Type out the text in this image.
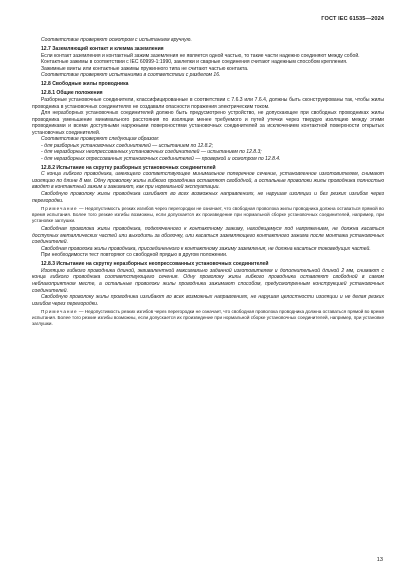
ГОСТ IEC 61535—2024

Соответствие проверяют осмотром с испытанием вручную.

12.7 Заземляющий контакт и клемма заземления

Если контакт заземления и контактный зажим заземления не является одной частью, то такие части надежно соединяют между собой.

Контактные зажимы в соответствии с IEC 60999-1:1990, заклепки и сварные соединения считают надежным способом крепления.

Зажимные винты или контактные зажимы пружинного типа не считают частью контакта.

Соответствие проверяют испытаниями в соответствии с разделом 16.

12.8 Свободные жилы проводника

12.8.1 Общие положения

Разборные установочные соединители, классифицированные в соответствии с 7.6.3 или 7.6.4, должны быть сконструированы так, чтобы жилы проводника в установочных соединителях не создавали опасности поражения электрическим током.

Для неразборных установочных соединителей должно быть предусмотрено устройство, не допускающее при свободных проводниках жилы проводника уменьшение минимального расстояния по изоляции менее требуемого и путей утечки через твердую изоляцию между этими проводниками и всеми доступными наружными поверхностями установочных соединителей за исключением контактной поверхности открытых установочных соединителей.

Соответствие проверяют следующим образом:

- для разборных установочных соединителей — испытанием по 12.8.2;

- для неразборных неопрессованных установочных соединителей — испытанием по 12.8.3;

- для неразборных опрессованных установочных соединителей — проверкой и осмотром по 12.8.4.

12.8.2 Испытание на скрутку разборных установочных соединителей

С конца гибкого проводника, имеющего соответствующее минимальное поперечное сечение, установленное изготовителем, снимают изоляцию по длине 8 мм. Одну проволоку жилы гибкого проводника оставляют свободной, а остальные проволоки жилы проводника полностью вводят в контактный зажим и зажимают, как при нормальной эксплуатации.

Свободную проволоку жилы проводника изгибают во всех возможных направлениях, не нарушая изоляции и без резких изгибов через перегородки.

Примечание — Недопустимость резких изгибов через перегородки не означает, что свободная проволока жилы проводника должна оставаться прямой во время испытания. Более того резкие изгибы возможны, если допускается их произведение при нормальной сборке установочных соединителей, например, при установке заглушки.

Свободная проволока жилы проводника, подключенного к контактному зажиму, находящемуся под напряжением, не должна касаться доступных металлических частей или выходить за оболочку, или касаться заземляющего контактного зажима после монтажа установочных соединителей.

Свободная проволока жилы проводника, присоединенного к контактному зажиму заземления, не должна касаться токоведущих частей.

При необходимости тест повторяют со свободной прядью в другом положении.

12.8.3 Испытание на скрутку неразборных неопрессованных установочных соединителей

Изоляцию гибкого проводника длиной, эквивалентной максимально заданной изготовителем и дополнительной длиной 2 мм, снимают с конца гибкого проводника соответствующего сечения. Одну проволоку жилы гибкого проводника оставляют свободной в самом неблагоприятном месте, а остальные проволоки жилы проводника зажимают способом, предусмотренным конструкцией установочных соединителей.

Свободную проволоку жилы проводника изгибают во всех возможных направлениях, не нарушая целостности изоляции и не делая резких изгибов через перегородки.

Примечание — Недопустимость резких изгибов через перегородки не означает, что свободная проволока проводника должна оставаться прямой во время испытания. Более того резкие изгибы возможны, если допускается их произведение при нормальной сборке установочных соединителей, например, при установке заглушки.

13
